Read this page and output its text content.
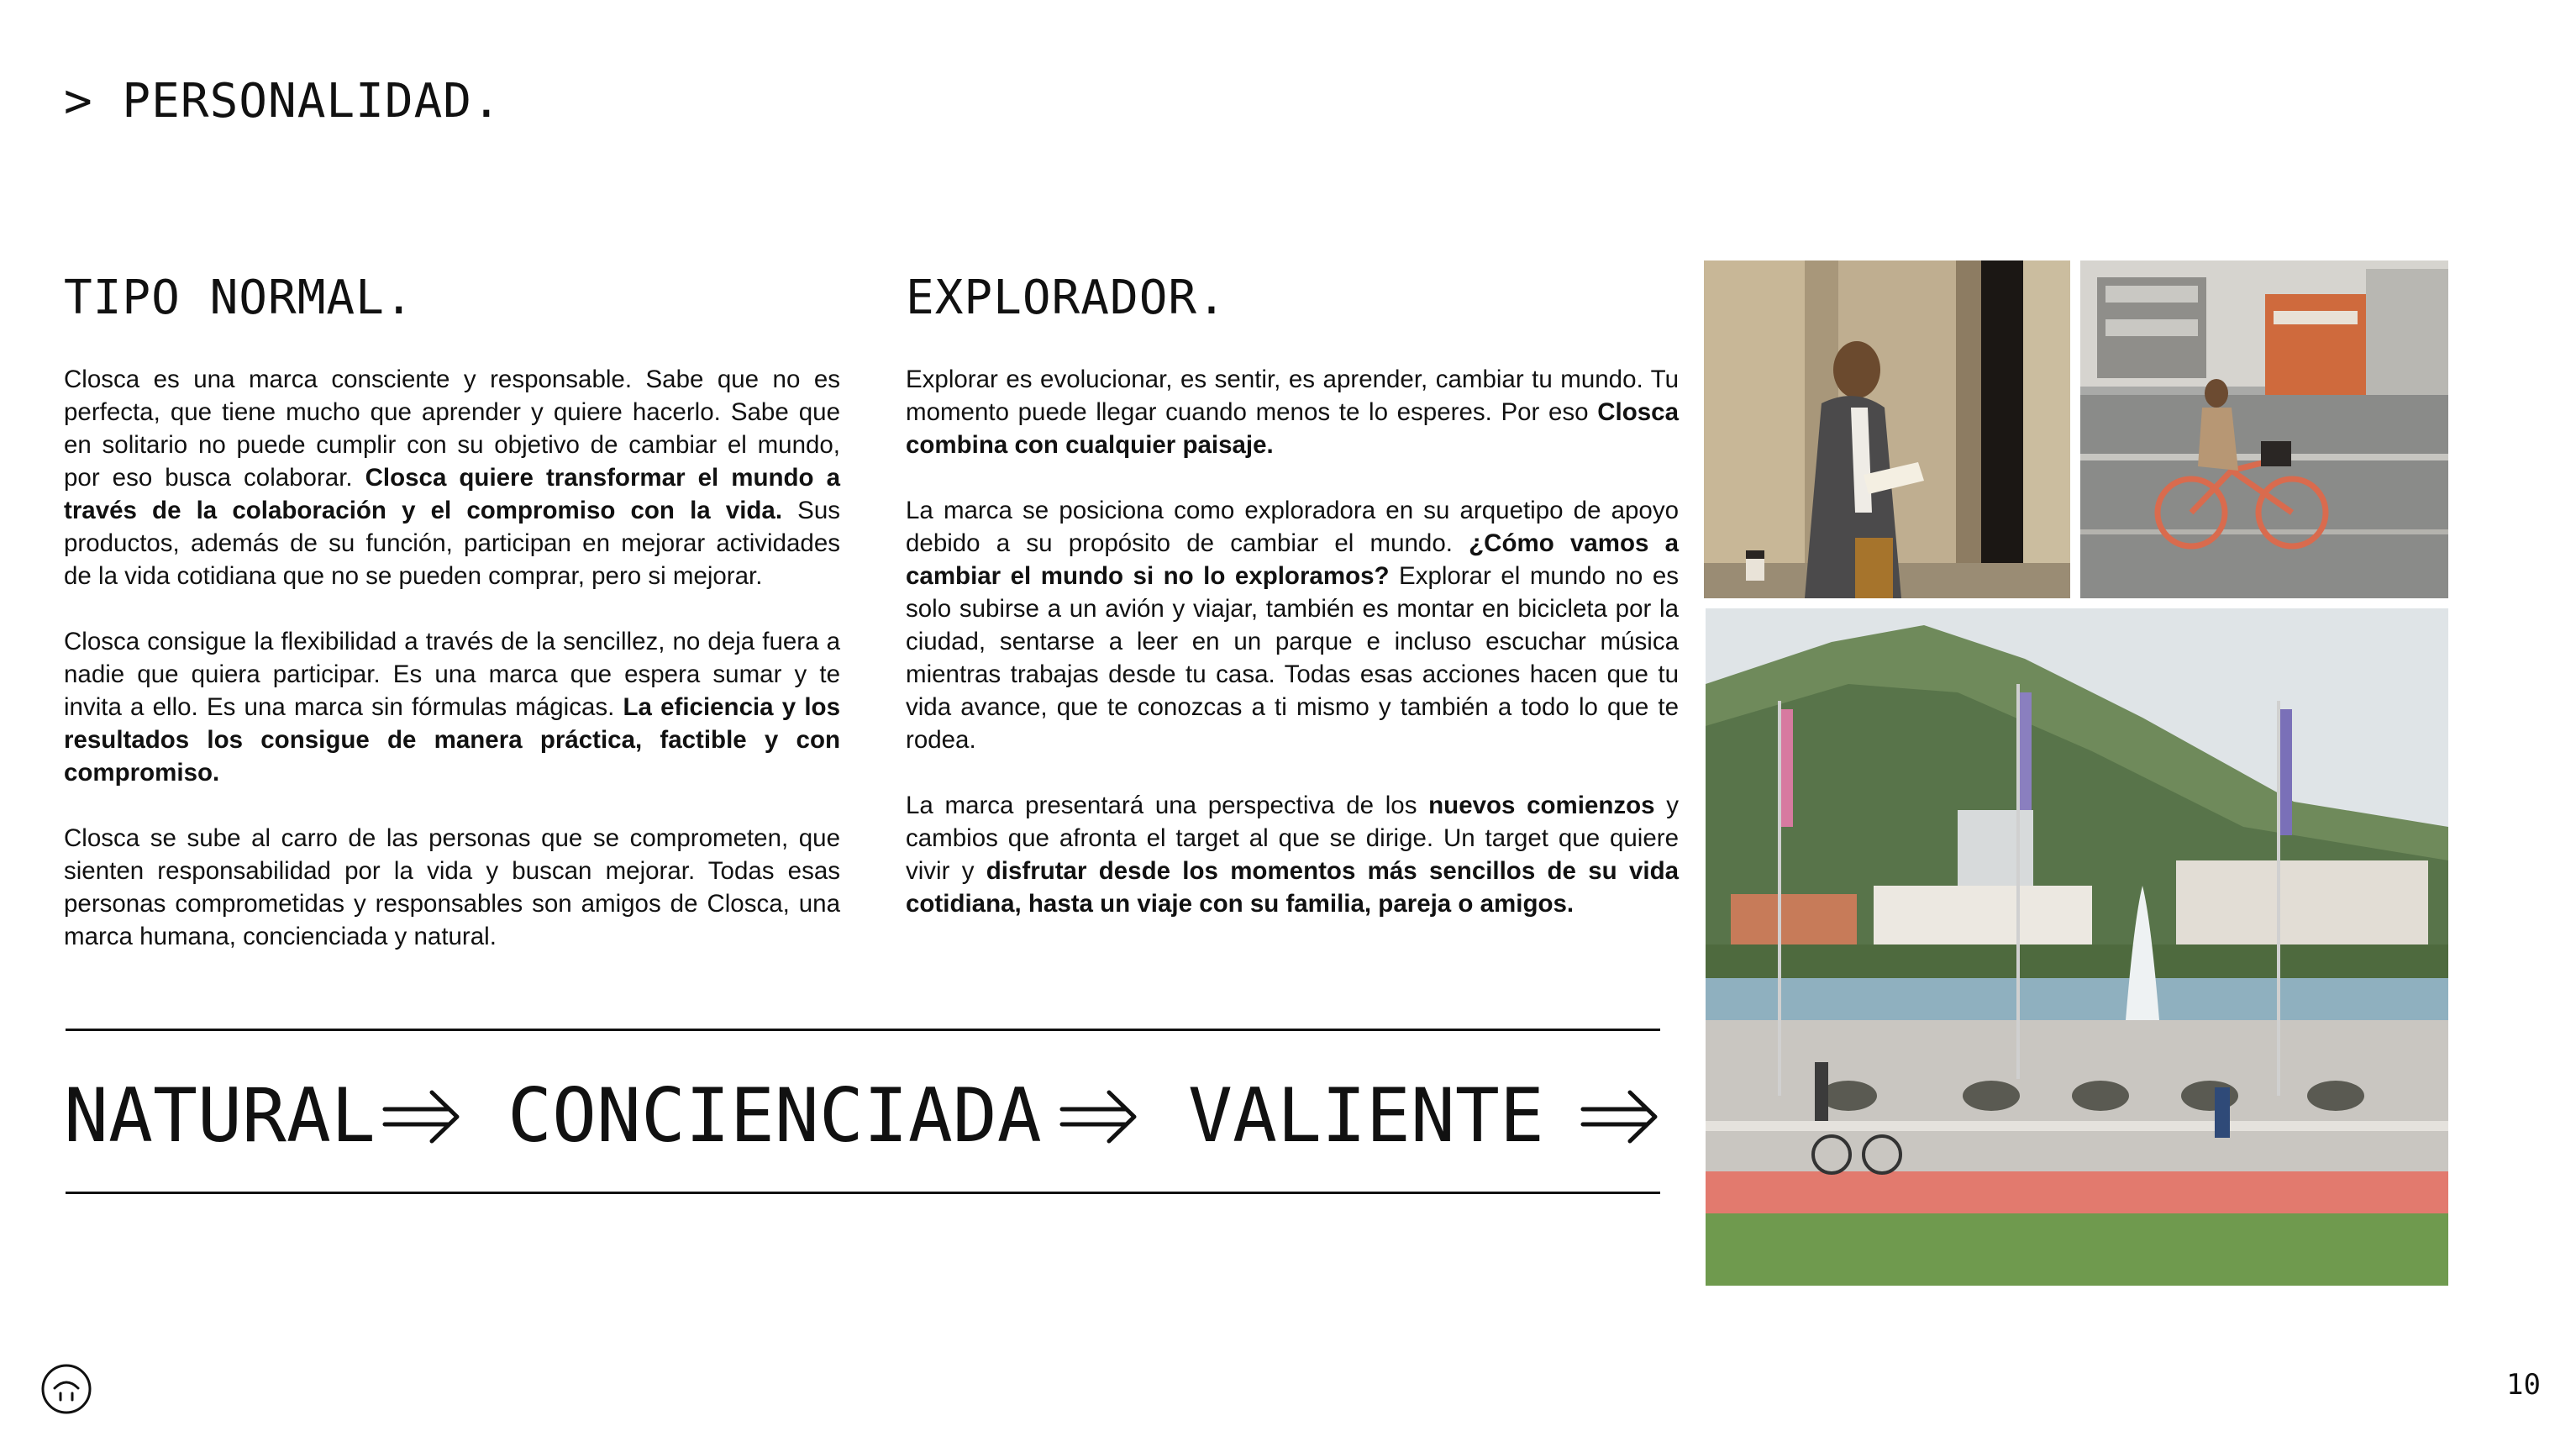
> PERSONALIDAD.
TIPO NORMAL.

Closca es una marca consciente y responsable. Sabe que no es perfecta, que tiene mucho que aprender y quiere hacerlo. Sabe que en solitario no puede cumplir con su objetivo de cambiar el mundo, por eso busca colaborar. Closca quiere transformar el mundo a través de la colaboración y el compromiso con la vida. Sus productos, además de su función, participan en mejorar actividades de la vida cotidiana que no se pueden comprar, pero si mejorar.

Closca consigue la flexibilidad a través de la sencillez, no deja fuera a nadie que quiera participar. Es una marca que espera sumar y te invita a ello. Es una marca sin fórmulas mágicas. La eficiencia y los resultados los consigue de manera práctica, factible y con compromiso.

Closca se sube al carro de las personas que se comprometen, que sienten responsabilidad por la vida y buscan mejorar. Todas esas personas comprometidas y responsables son amigos de Closca, una marca humana, concienciada y natural.

EXPLORADOR.

Explorar es evolucionar, es sentir, es aprender, cambiar tu mundo. Tu momento puede llegar cuando menos te lo esperes. Por eso Closca combina con cualquier paisaje.

La marca se posiciona como exploradora en su arquetipo de apoyo debido a su propósito de cambiar el mundo. ¿Cómo vamos a cambiar el mundo si no lo exploramos? Explorar el mundo no es solo subirse a un avión y viajar, también es montar en bicicleta por la ciudad, sentarse a leer en un parque e incluso escuchar música mientras trabajas desde tu casa. Todas esas acciones hacen que tu vida avance, que te conozcas a ti mismo y también a todo lo que te rodea.

La marca presentará una perspectiva de los nuevos comienzos y cambios que afronta el target al que se dirige. Un target que quiere vivir y disfrutar desde los momentos más sencillos de su vida cotidiana, hasta un viaje con su familia, pareja o amigos.

NATURAL CONCIENCIADA VALIENTE

10
